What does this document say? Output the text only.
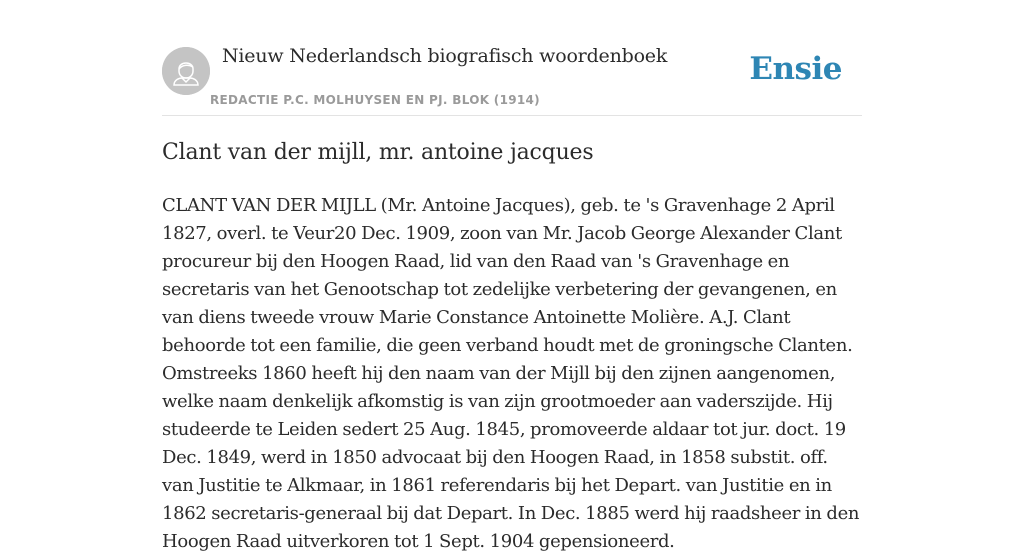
Nieuw Nederlandsch biografisch woordenboek
REDACTIE P.C. MOLHUYSEN EN PJ. BLOK (1914)
Ensie
Clant van der mijll, mr. antoine jacques

CLANT VAN DER MIJLL (Mr. Antoine Jacques), geb. te 's Gravenhage 2 April 1827, overl. te Veur20 Dec. 1909, zoon van Mr. Jacob George Alexander Clant procureur bij den Hoogen Raad, lid van den Raad van 's Gravenhage en secretaris van het Genootschap tot zedelijke verbetering der gevangenen, en van diens tweede vrouw Marie Constance Antoinette Molière. A.J. Clant behoorde tot een familie, die geen verband houdt met de groningsche Clanten. Omstreeks 1860 heeft hij den naam van der Mijll bij den zijnen aangenomen, welke naam denkelijk afkomstig is van zijn grootmoeder aan vaderszijde. Hij studeerde te Leiden sedert 25 Aug. 1845, promoveerde aldaar tot jur. doct. 19 Dec. 1849, werd in 1850 advocaat bij den Hoogen Raad, in 1858 substit. off. van Justitie te Alkmaar, in 1861 referendaris bij het Depart. van Justitie en in 1862 secretaris-generaal bij dat Depart. In Dec. 1885 werd hij raadsheer in den Hoogen Raad uitverkoren tot 1 Sept. 1904 gepensioneerd.
